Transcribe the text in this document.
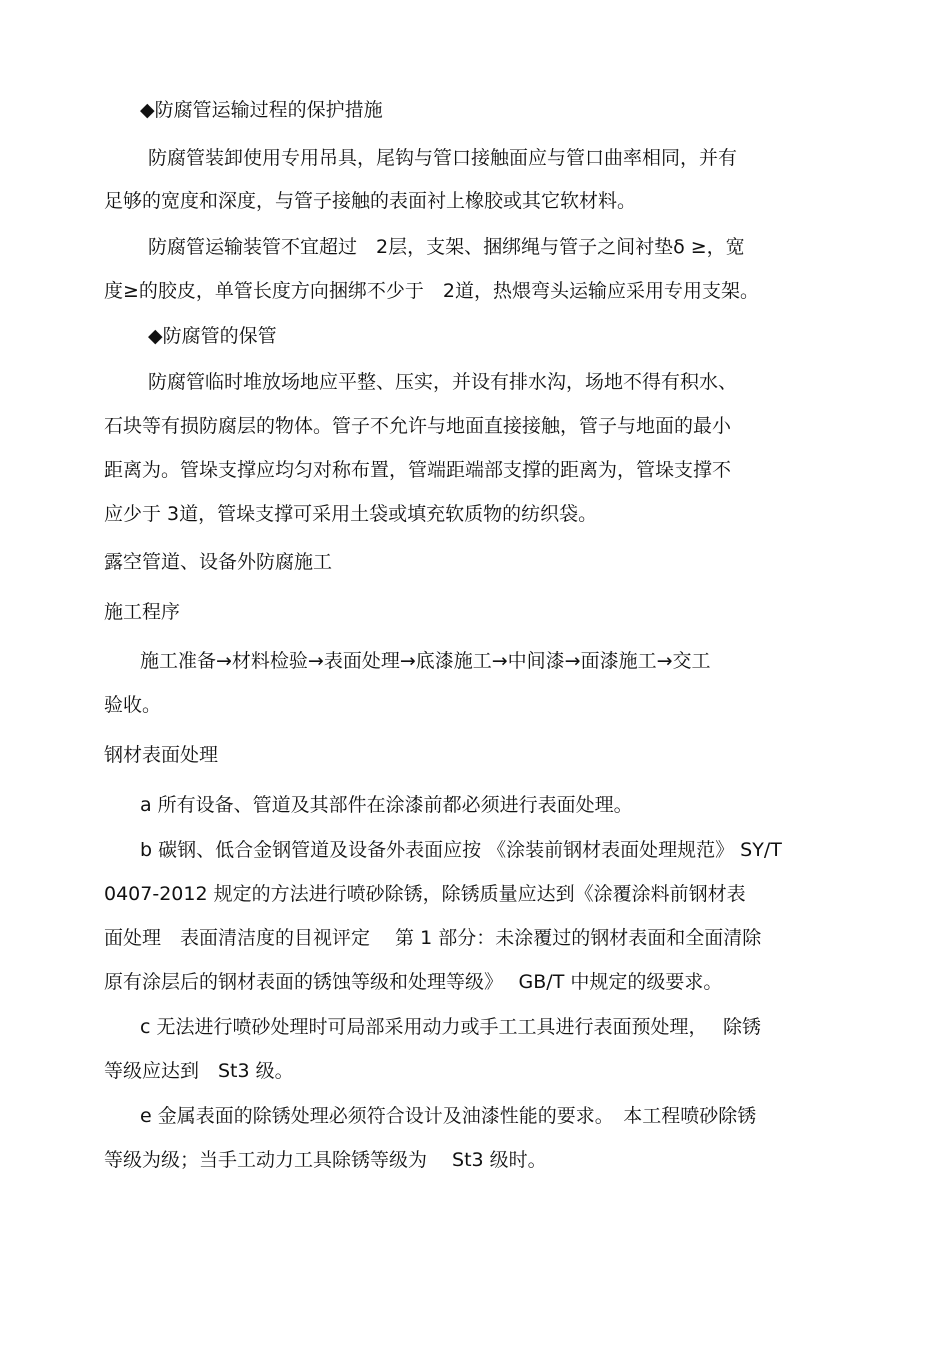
◆防腐管运输过程的保护措施
防腐管装卸使用专用吊具，尾钩与管口接触面应与管口曲率相同，并有
足够的宽度和深度，与管子接触的表面衬上橡胶或其它软材料。
防腐管运输装管不宜超过　2层，支架、捆绑绳与管子之间衬垫δ ≥，宽
度≥的胶皮，单管长度方向捆绑不少于　2道，热煨弯头运输应采用专用支架。
◆防腐管的保管
防腐管临时堆放场地应平整、压实，并设有排水沟，场地不得有积水、
石块等有损防腐层的物体。管子不允许与地面直接接触，管子与地面的最小
距离为。管垛支撑应均匀对称布置，管端距端部支撑的距离为，管垛支撑不
应少于 3道，管垛支撑可采用土袋或填充软质物的纺织袋。
露空管道、设备外防腐施工
施工程序
施工准备→材料检验→表面处理→底漆施工→中间漆→面漆施工→交工
验收。
钢材表面处理
a 所有设备、管道及其部件在涂漆前都必须进行表面处理。
b 碳钢、低合金钢管道及设备外表面应按 《涂装前钢材表面处理规范》 SY/T
0407-2012 规定的方法进行喷砂除锈，除锈质量应达到《涂覆涂料前钢材表
面处理　表面清洁度的目视评定　 第 1 部分：未涂覆过的钢材表面和全面清除
原有涂层后的钢材表面的锈蚀等级和处理等级》　 GB/T 中规定的级要求。
c 无法进行喷砂处理时可局部采用动力或手工工具进行表面预处理，　 除锈
等级应达到　St3 级。
e 金属表面的除锈处理必须符合设计及油漆性能的要求。　本工程喷砂除锈
等级为级；当手工动力工具除锈等级为　 St3 级时。
